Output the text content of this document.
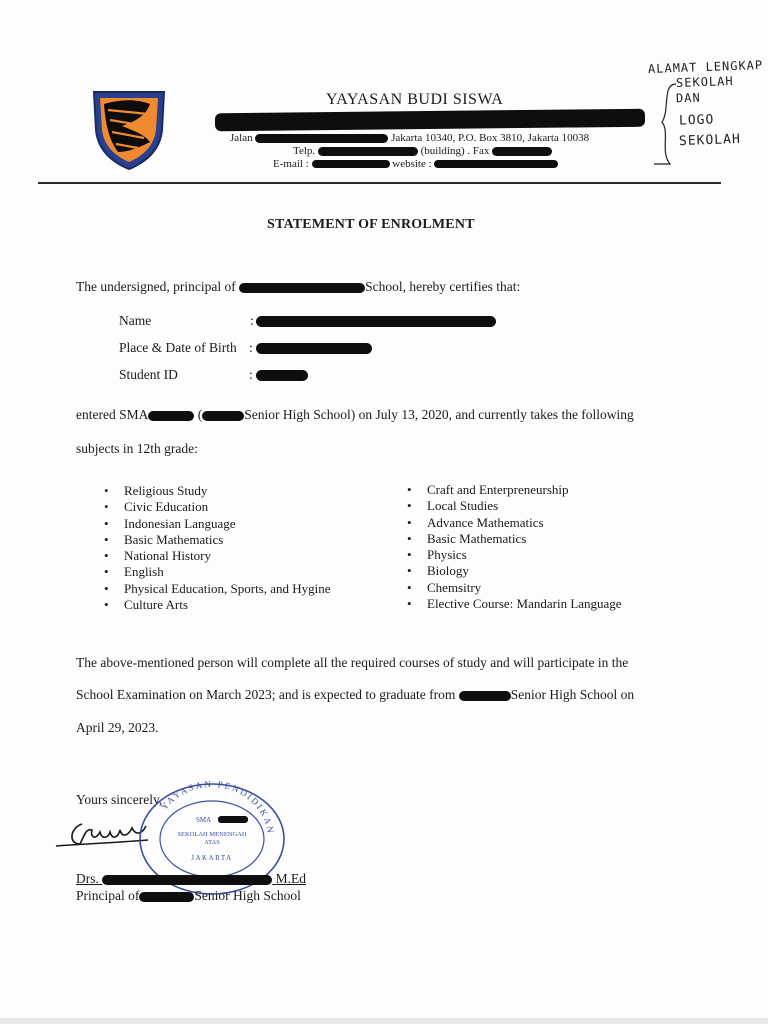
YAYASAN BUDI SISWA
Jalan	Jakarta 10340, P.O. Box 3810, Jakarta 10038
Telp.	(building) . Fax
E-mail :	website :
ALAMAT LENGKAP
SEKOLAH
DAN
LOGO
SEKOLAH
STATEMENT OF ENROLMENT
The undersigned, principal of	School, hereby certifies that:
Name	:
Place & Date of Birth :
Student ID	:
entered SMA	(	Senior High School) on July 13, 2020, and currently takes the following
subjects in 12th grade:
• Religious Study
• Civic Education
• Indonesian Language
• Basic Mathematics
• National History
• English
• Physical Education, Sports, and Hygine
• Culture Arts
• Craft and Enterpreneurship
• Local Studies
• Advance Mathematics
• Basic Mathematics
• Physics
• Biology
• Chemsitry
• Elective Course: Mandarin Language
The above-mentioned person will complete all the required courses of study and will participate in the
School Examination on March 2023; and is expected to graduate from	Senior High School on
April 29, 2023.
Yours sincerely,
YAYASAN PENDIDIKAN
SMA
SEKOLAH MENENGAH
ATAS
JAKARTA
Drs.	M.Ed
Principal of	Senior High School
